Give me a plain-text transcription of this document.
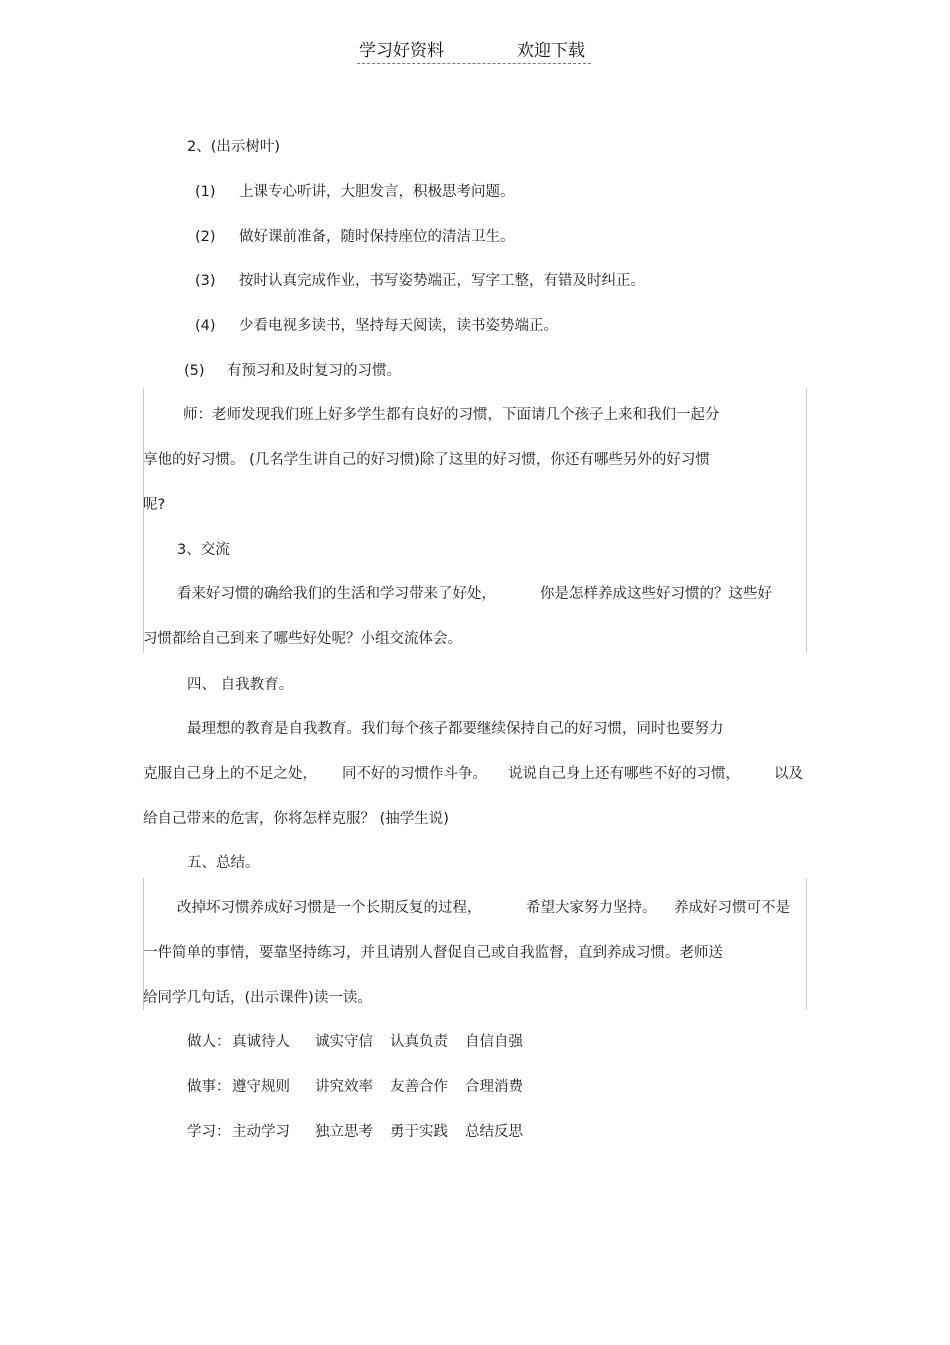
学习好资料	欢迎下载
2、(出示树叶)
(1) 上课专心听讲，大胆发言，积极思考问题。
(2) 做好课前准备，随时保持座位的清洁卫生。
(3) 按时认真完成作业，书写姿势端正，写字工整，有错及时纠正。
(4) 少看电视多读书，坚持每天阅读，读书姿势端正。
(5) 有预习和及时复习的习惯。
师：老师发现我们班上好多学生都有良好的习惯，下面请几个孩子上来和我们一起分
享他的好习惯。 (几名学生讲自己的好习惯)除了这里的好习惯，你还有哪些另外的好习惯
呢?
3、交流
看来好习惯的确给我们的生活和学习带来了好处，	你是怎样养成这些好习惯的？这些好
习惯都给自己到来了哪些好处呢？小组交流体会。
四、 自我教育。
最理想的教育是自我教育。我们每个孩子都要继续保持自己的好习惯，同时也要努力
克服自己身上的不足之处， 同不好的习惯作斗争。 说说自己身上还有哪些不好的习惯， 以及
给自己带来的危害，你将怎样克服？ (抽学生说)
五、总结。
改掉坏习惯养成好习惯是一个长期反复的过程，	希望大家努力坚持。 养成好习惯可不是
一件简单的事情，要靠坚持练习，并且请别人督促自己或自我监督，直到养成习惯。老师送
给同学几句话，(出示课件)读一读。
做人： 真诚待人 诚实守信 认真负责 自信自强
做事： 遵守规则 讲究效率 友善合作 合理消费
学习： 主动学习 独立思考 勇于实践 总结反思
